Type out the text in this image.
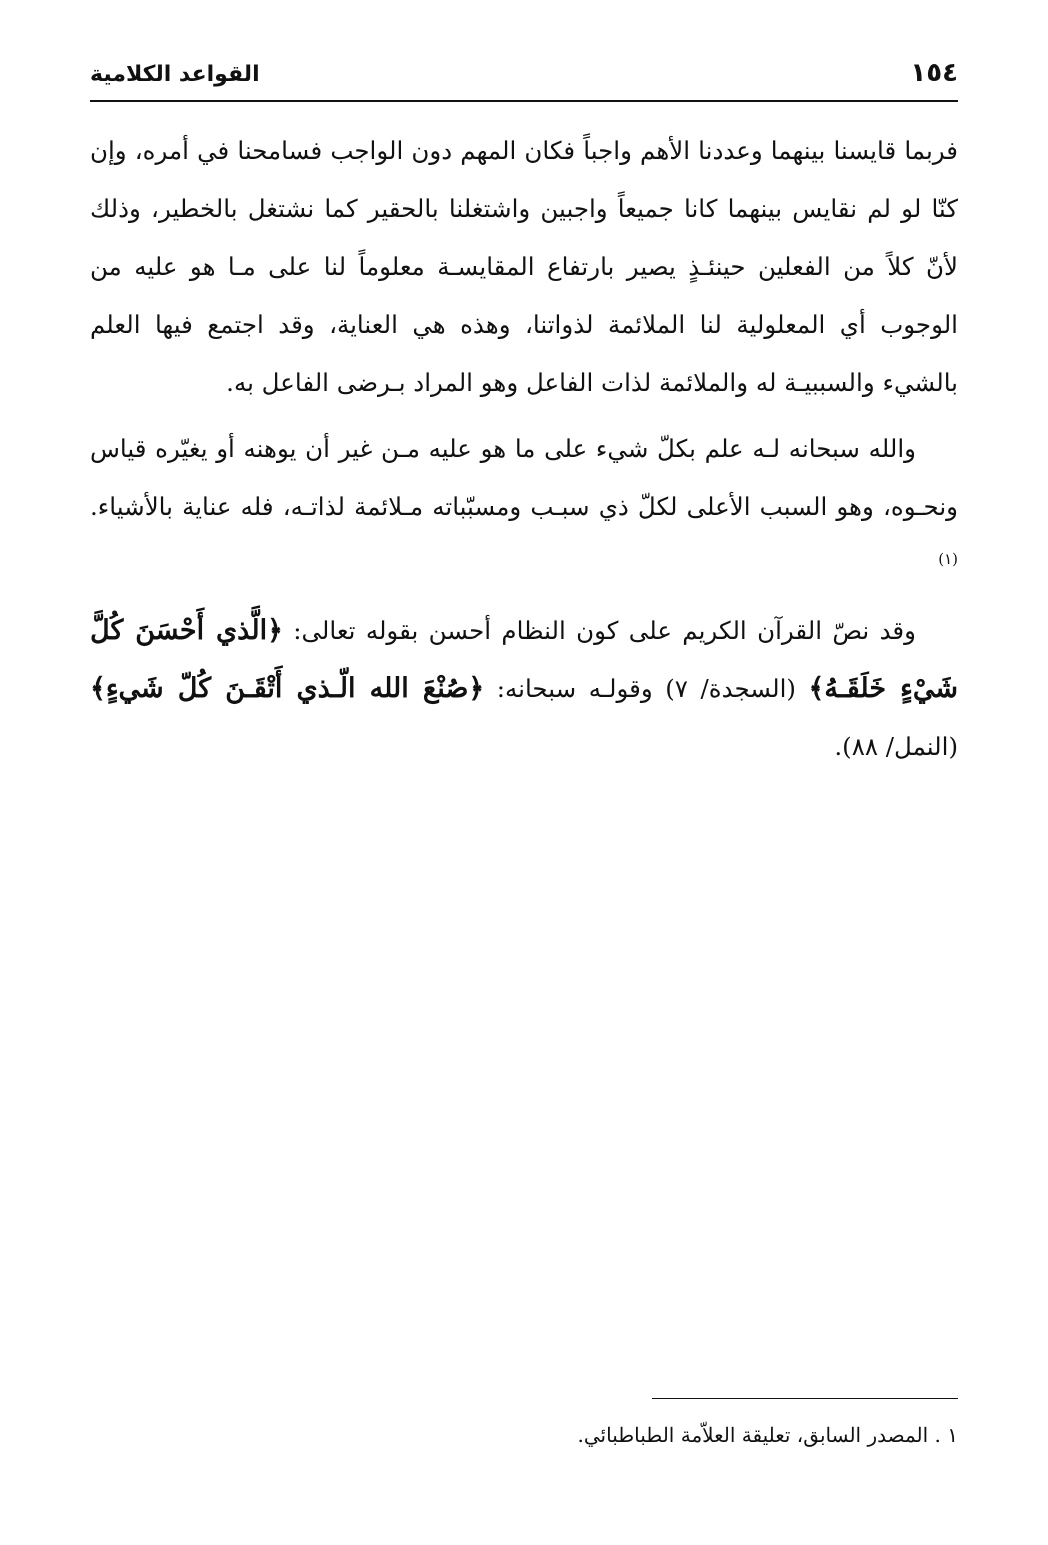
١٥٤
القواعد الكلامية

فربما قايسنا بينهما وعددنا الأهم واجباً فكان المهم دون الواجب فسامحنا في أمره، وإن كنّا لو لم نقايس بينهما كانا جميعاً واجبين واشتغلنا بالحقير كما نشتغل بالخطير، وذلك لأنّ كلاً من الفعلين حينئـذٍ يصير بارتفاع المقايسـة معلوماً لنا على مـا هو عليه من الوجوب أي المعلولية لنا الملائمة لذواتنا، وهذه هي العناية، وقد اجتمع فيها العلم بالشيء والسببيـة له والملائمة لذات الفاعل وهو المراد بـرضى الفاعل به.

والله سبحانه لـه علم بكلّ شيء على ما هو عليه مـن غير أن يوهنه أو يغيّره قياس ونحـوه، وهو السبب الأعلى لكلّ ذي سبـب ومسبّباته مـلائمة لذاتـه، فله عناية بالأشياء.$^{(١)}$

وقد نصّ القرآن الكريم على كون النظام أحسن بقوله تعالى: ﴿الَّذي أَحْسَنَ كُلَّ شَيْءٍ خَلَقَـهُ﴾ (السجدة/ ٧) وقولـه سبحانه: ﴿صُنْعَ الله الّـذي أَتْقَـنَ كُلّ شَيءٍ﴾ (النمل/ ٨٨).

١ . المصدر السابق، تعليقة العلاّمة الطباطبائي.
